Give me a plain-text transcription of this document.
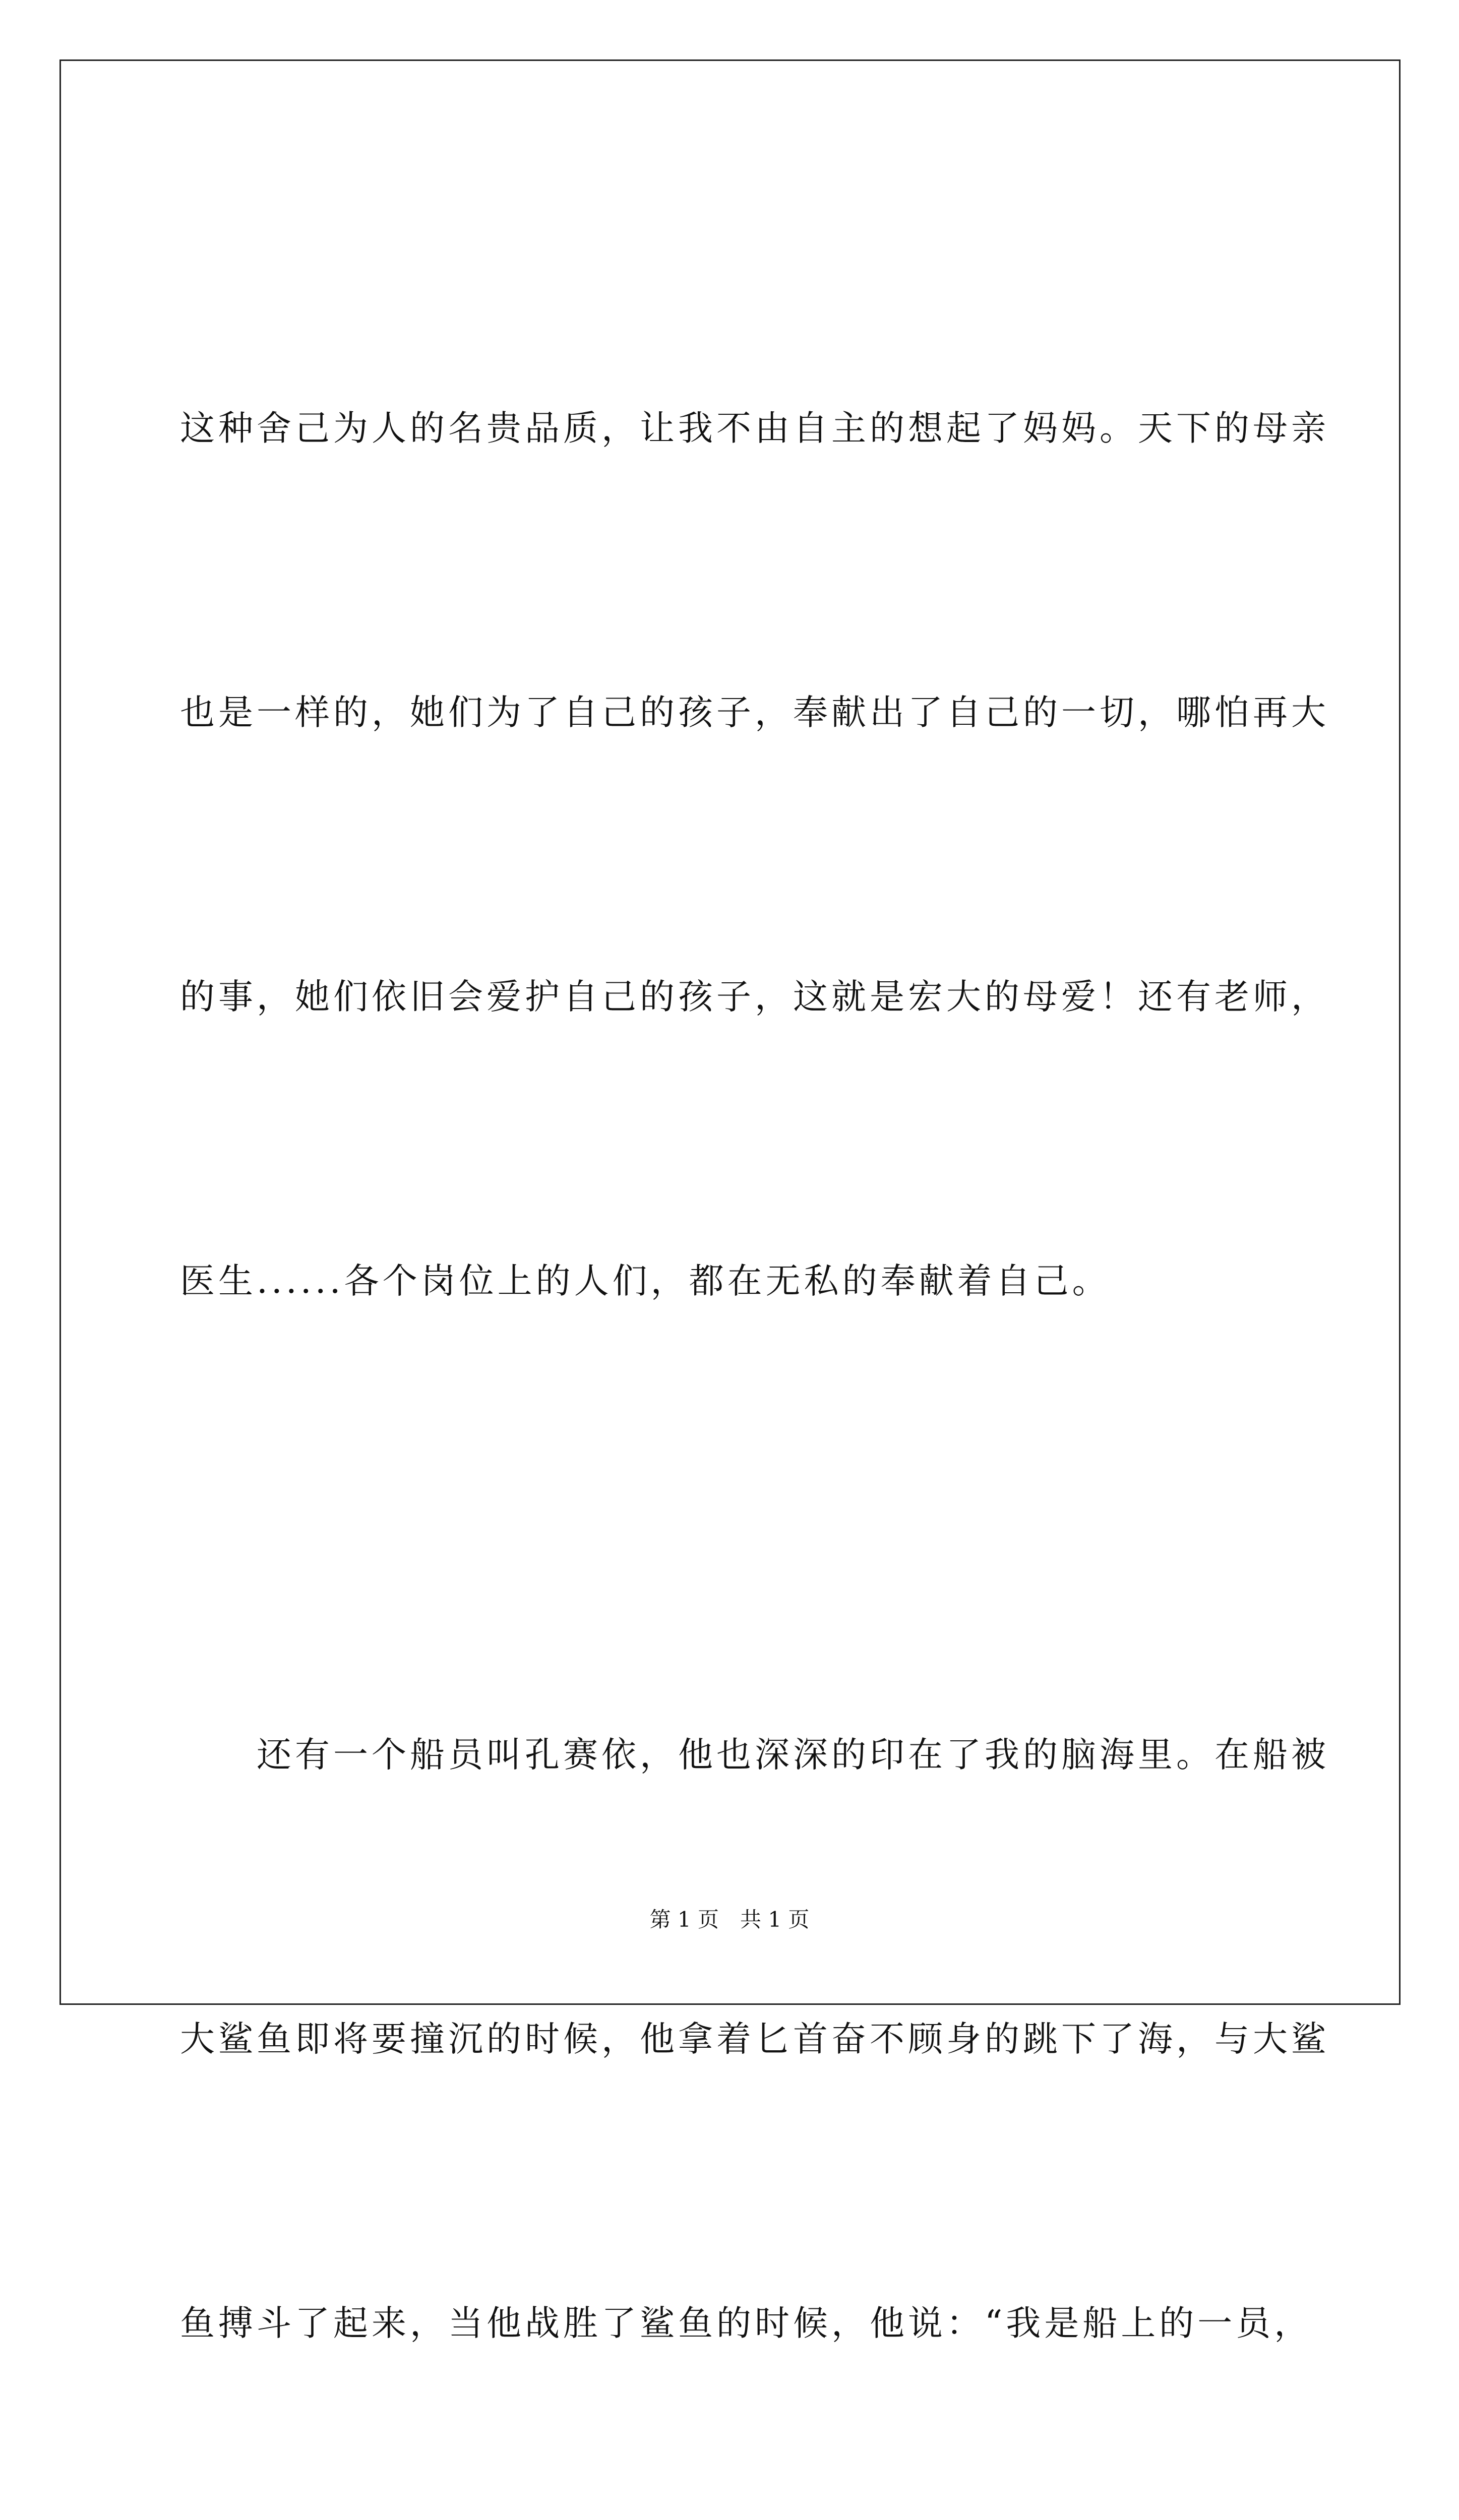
这种舍己为人的名贵品质，让我不由自主的想起了妈妈。天下的母亲

也是一样的，她们为了自己的孩子，奉献出了自己的一切，哪怕再大

的事，她们依旧会爱护自己的孩子，这就是宏大的母爱！还有老师，

医生......各个岗位上的人们，都在无私的奉献着自己。

　　还有一个船员叫孔赛依，他也深深的印在了我的脑海里。在船被

大鲨鱼即将要撞沉的时候，他拿着匕首奋不顾身的跳下了海，与大鲨

鱼搏斗了起来，当他战胜了鲨鱼的时候，他说：“我是船上的一员，

第 1 页　共 1 页
